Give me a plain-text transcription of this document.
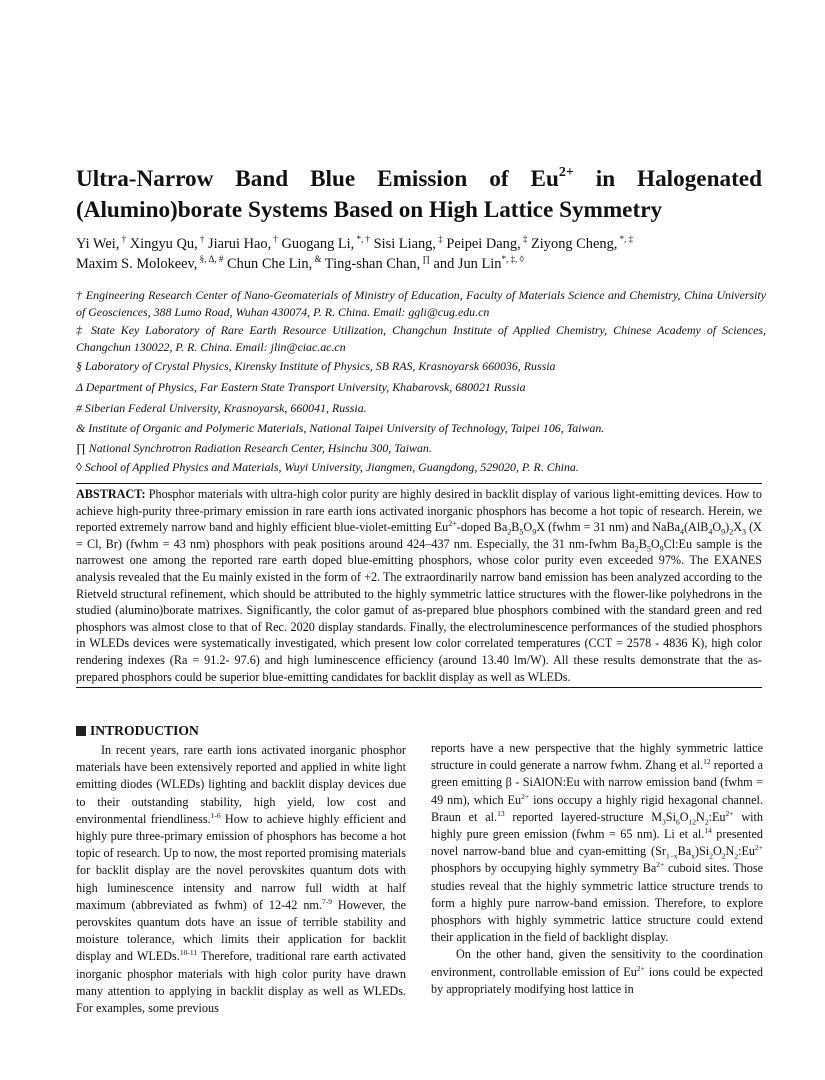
Ultra-Narrow Band Blue Emission of $Eu^{2+}$ in Halogenated (Alumino)borate Systems Based on High Lattice Symmetry
Yi Wei, † Xingyu Qu, † Jiarui Hao, † Guogang Li, *, † Sisi Liang, ‡ Peipei Dang, ‡ Ziyong Cheng, *, ‡
Maxim S. Molokeev, $^{\S, \Delta, \#}$ Chun Che Lin, & Ting-shan Chan, ∏ and Jun Lin*, ‡, ◊
† Engineering Research Center of Nano-Geomaterials of Ministry of Education, Faculty of Materials Science and Chemistry, China University of Geosciences, 388 Lumo Road, Wuhan 430074, P. R. China. Email: ggli@cug.edu.cn
‡ State Key Laboratory of Rare Earth Resource Utilization, Changchun Institute of Applied Chemistry, Chinese Academy of Sciences, Changchun 130022, P. R. China. Email: jlin@ciac.ac.cn
§ Laboratory of Crystal Physics, Kirensky Institute of Physics, SB RAS, Krasnoyarsk 660036, Russia
Δ Department of Physics, Far Eastern State Transport University, Khabarovsk, 680021 Russia
# Siberian Federal University, Krasnoyarsk, 660041, Russia.
& Institute of Organic and Polymeric Materials, National Taipei University of Technology, Taipei 106, Taiwan.
∏ National Synchrotron Radiation Research Center, Hsinchu 300, Taiwan.
◊ School of Applied Physics and Materials, Wuyi University, Jiangmen, Guangdong, 529020, P. R. China.
ABSTRACT: Phosphor materials with ultra-high color purity are highly desired in backlit display of various light-emitting devices. How to achieve high-purity three-primary emission in rare earth ions activated inorganic phosphors has become a hot topic of research. Herein, we reported extremely narrow band and highly efficient blue-violet-emitting $Eu^{2+}$-doped $Ba_2B_5O_9X$ (fwhm = 31 nm) and $NaBa_4(AlB_4O_9)_2X_3$ (X = Cl, Br) (fwhm = 43 nm) phosphors with peak positions around 424–437 nm. Especially, the 31 nm-fwhm $Ba_2B_5O_9Cl:Eu$ sample is the narrowest one among the reported rare earth doped blue-emitting phosphors, whose color purity even exceeded 97%. The EXANES analysis revealed that the Eu mainly existed in the form of +2. The extraordinarily narrow band emission has been analyzed according to the Rietveld structural refinement, which should be attributed to the highly symmetric lattice structures with the flower-like polyhedrons in the studied (alumino)borate matrixes. Significantly, the color gamut of as-prepared blue phosphors combined with the standard green and red phosphors was almost close to that of Rec. 2020 display standards. Finally, the electroluminescence performances of the studied phosphors in WLEDs devices were systematically investigated, which present low color correlated temperatures (CCT = 2578 - 4836 K), high color rendering indexes (Ra = 91.2- 97.6) and high luminescence efficiency (around 13.40 lm/W). All these results demonstrate that the as-prepared phosphors could be superior blue-emitting candidates for backlit display as well as WLEDs.
INTRODUCTION

In recent years, rare earth ions activated inorganic phosphor materials have been extensively reported and applied in white light emitting diodes (WLEDs) lighting and backlit display devices due to their outstanding stability, high yield, low cost and environmental friendliness.$^{1-6}$ How to achieve highly efficient and highly pure three-primary emission of phosphors has become a hot topic of research. Up to now, the most reported promising materials for backlit display are the novel perovskites quantum dots with high luminescence intensity and narrow full width at half maximum (abbreviated as fwhm) of 12-42 nm.$^{7-9}$ However, the perovskites quantum dots have an issue of terrible stability and moisture tolerance, which limits their application for backlit display and WLEDs.$^{10-11}$ Therefore, traditional rare earth activated inorganic phosphor materials with high color purity have drawn many attention to applying in backlit display as well as WLEDs. For examples, some previous

reports have a new perspective that the highly symmetric lattice structure in could generate a narrow fwhm. Zhang et al.$^{12}$ reported a green emitting β - SiAlON:Eu with narrow emission band (fwhm = 49 nm), which $Eu^{2+}$ ions occupy a highly rigid hexagonal channel. Braun et al.$^{13}$ reported layered-structure $M_3Si_6O_{12}N_2:Eu^{2+}$ with highly pure green emission (fwhm = 65 nm). Li et al.$^{14}$ presented novel narrow-band blue and cyan-emitting $(Sr_{1-x}Ba_x)Si_2O_2N_2:Eu^{2+}$ phosphors by occupying highly symmetry $Ba^{2+}$ cuboid sites. Those studies reveal that the highly symmetric lattice structure trends to form a highly pure narrow-band emission. Therefore, to explore phosphors with highly symmetric lattice structure could extend their application in the field of backlight display.

On the other hand, given the sensitivity to the coordination environment, controllable emission of $Eu^{2+}$ ions could be expected by appropriately modifying host lattice in
